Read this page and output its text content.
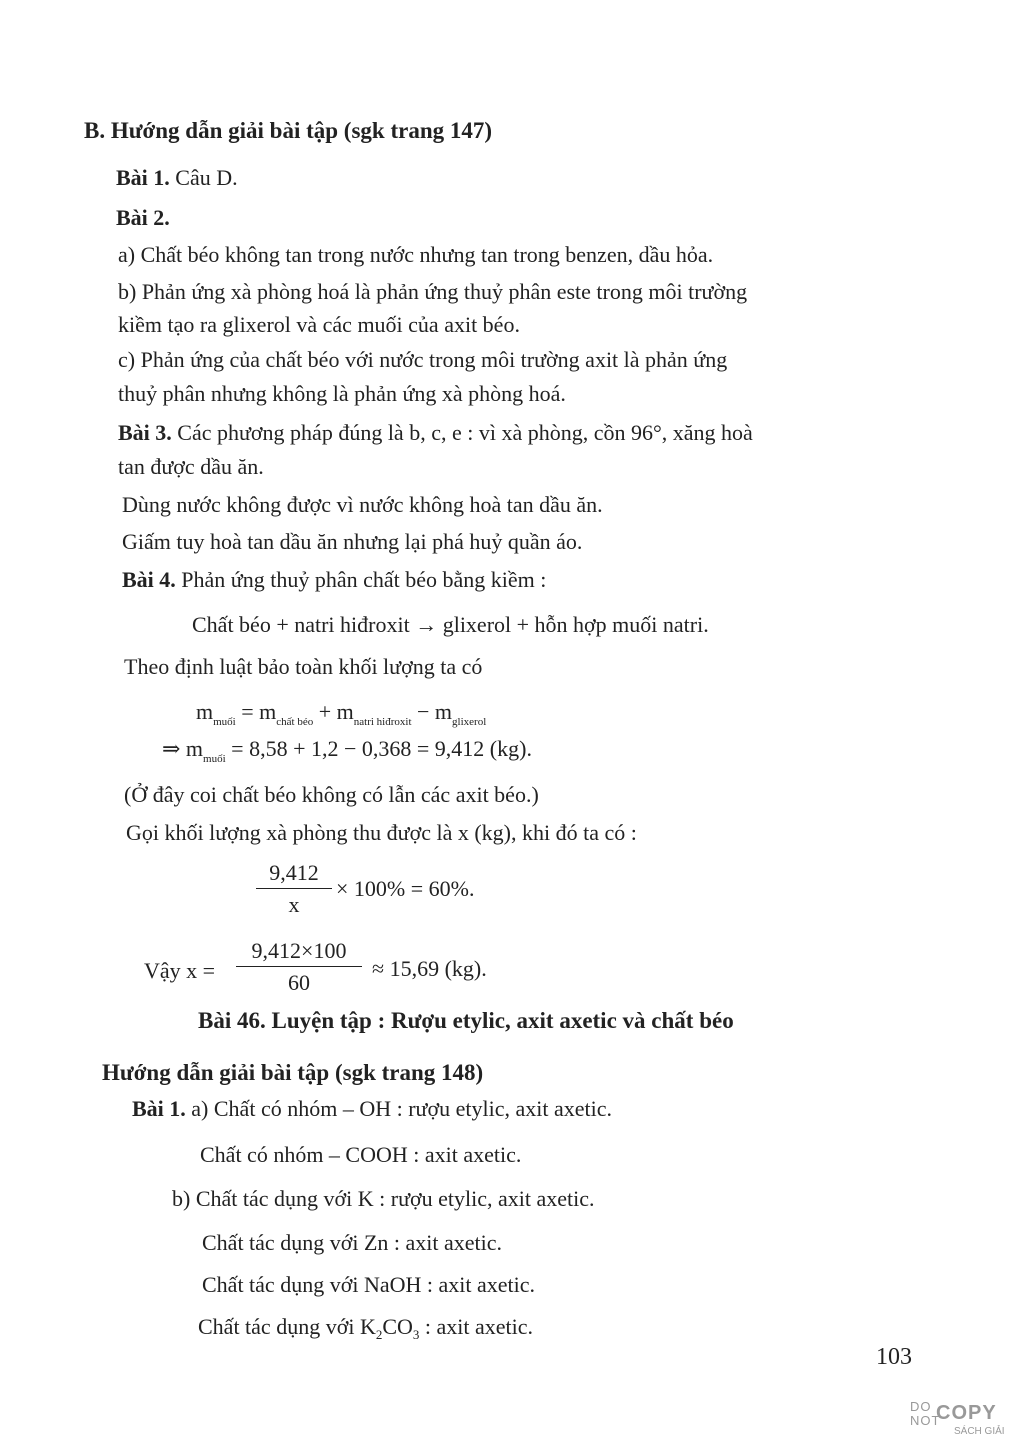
B. Hướng dẫn giải bài tập (sgk trang 147)
Bài 1. Câu D.
Bài 2.
a) Chất béo không tan trong nước nhưng tan trong benzen, dầu hỏa.
b) Phản ứng xà phòng hoá là phản ứng thuỷ phân este trong môi trường
kiềm tạo ra glixerol và các muối của axit béo.
c) Phản ứng của chất béo với nước trong môi trường axit là phản ứng
thuỷ phân nhưng không là phản ứng xà phòng hoá.
Bài 3. Các phương pháp đúng là b, c, e : vì xà phòng, cồn 96°, xăng hoà
tan được dầu ăn.
Dùng nước không được vì nước không hoà tan dầu ăn.
Giấm tuy hoà tan dầu ăn nhưng lại phá huỷ quần áo.
Bài 4. Phản ứng thuỷ phân chất béo bằng kiềm :
Chất béo + natri hiđroxit → glixerol + hỗn hợp muối natri.
Theo định luật bảo toàn khối lượng ta có
$m_{muối} = m_{chất béo} + m_{natri hiđroxit} - m_{glixerol}$
⇒ $m_{muối} = 8,58 + 1,2 - 0,368 = 9,412$ (kg).
(Ở đây coi chất béo không có lẫn các axit béo.)
Gọi khối lượng xà phòng thu được là x (kg), khi đó ta có :
$\frac{9,412}{x} \times 100\% = 60\%$.
Vậy $x = \frac{9,412\times 100}{60} \approx 15,69$ (kg).
Bài 46. Luyện tập : Rượu etylic, axit axetic và chất béo
Hướng dẫn giải bài tập (sgk trang 148)
Bài 1. a) Chất có nhóm – OH : rượu etylic, axit axetic.
Chất có nhóm – COOH : axit axetic.
b) Chất tác dụng với K : rượu etylic, axit axetic.
Chất tác dụng với Zn : axit axetic.
Chất tác dụng với NaOH : axit axetic.
Chất tác dụng với $K_2CO_3$ : axit axetic.
103
DO
NOT
COPY
SÁCH GIẢI
